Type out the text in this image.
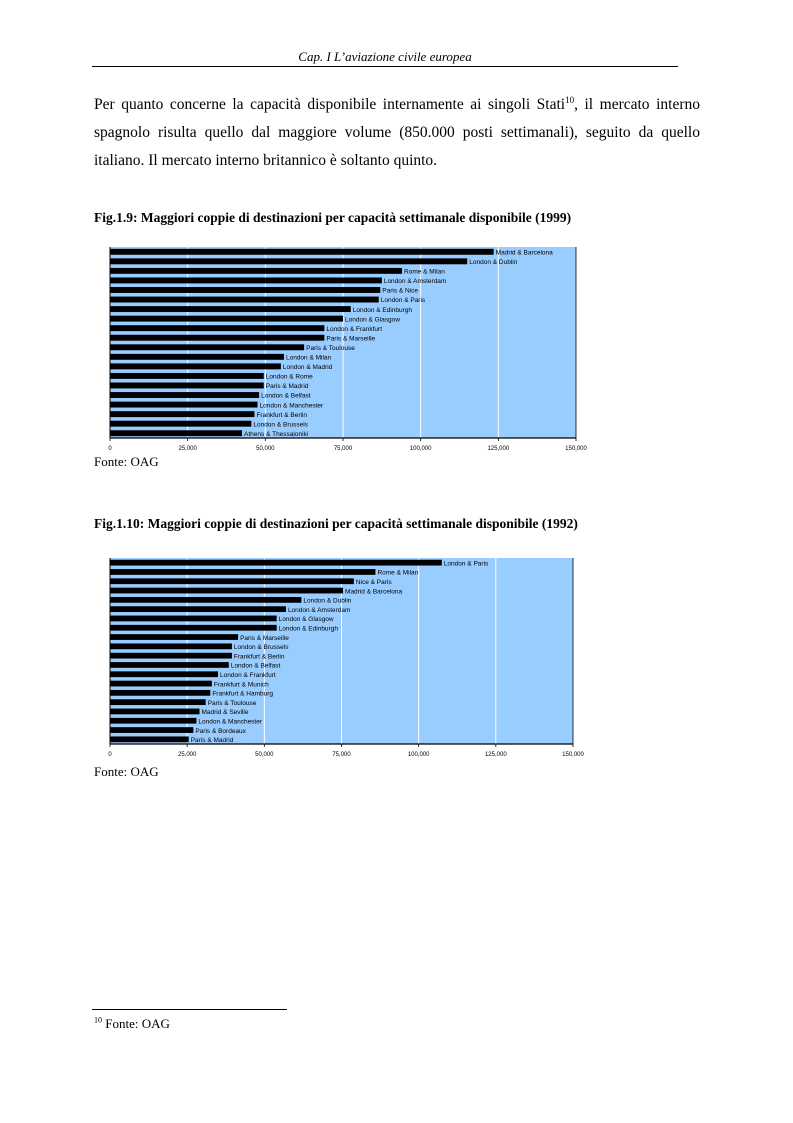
Cap. I L’aviazione civile europea

Per quanto concerne la capacità disponibile internamente ai singoli Stati$^{10}$, il mercato interno spagnolo risulta quello dal maggiore volume (850.000 posti settimanali), seguito da quello italiano. Il mercato interno britannico è soltanto quinto.

Fig.1.9: Maggiori coppie di destinazioni per capacità settimanale disponibile (1999)
0	25,000	50,000	75,000	100,000	125,000	150,000
Madrid & Barcelona
London & Dublin
Rome & Milan
London & Amsterdam
Paris & Nice
London & Paris
London & Edinburgh
London & Glasgow
London & Frankfurt
Paris & Marseille
Paris & Toulouse
London & Milan
London & Madrid
London & Rome
Paris & Madrid
London & Belfast
London & Manchester
Frankfurt & Berlin
London & Brussels
Athens & Thessaloniki
Fonte: OAG
Fig.1.10: Maggiori coppie di destinazioni per capacità settimanale disponibile (1992)
0	25,000	50,000	75,000	100,000	125,000	150,000
London & Paris
Rome & Milan
Nice & Paris
Madrid & Barcelona
London & Dublin
London & Amsterdam
London & Glasgow
London & Edinburgh
Paris & Marseille
London & Brussels
Frankfurt & Berlin
London & Belfast
London & Frankfurt
Frankfurt & Munich
Frankfurt & Hamburg
Paris & Toulouse
Madrid & Seville
London & Manchester
Paris & Bordeaux
Paris & Madrid
Fonte: OAG
$^{10}$ Fonte: OAG
